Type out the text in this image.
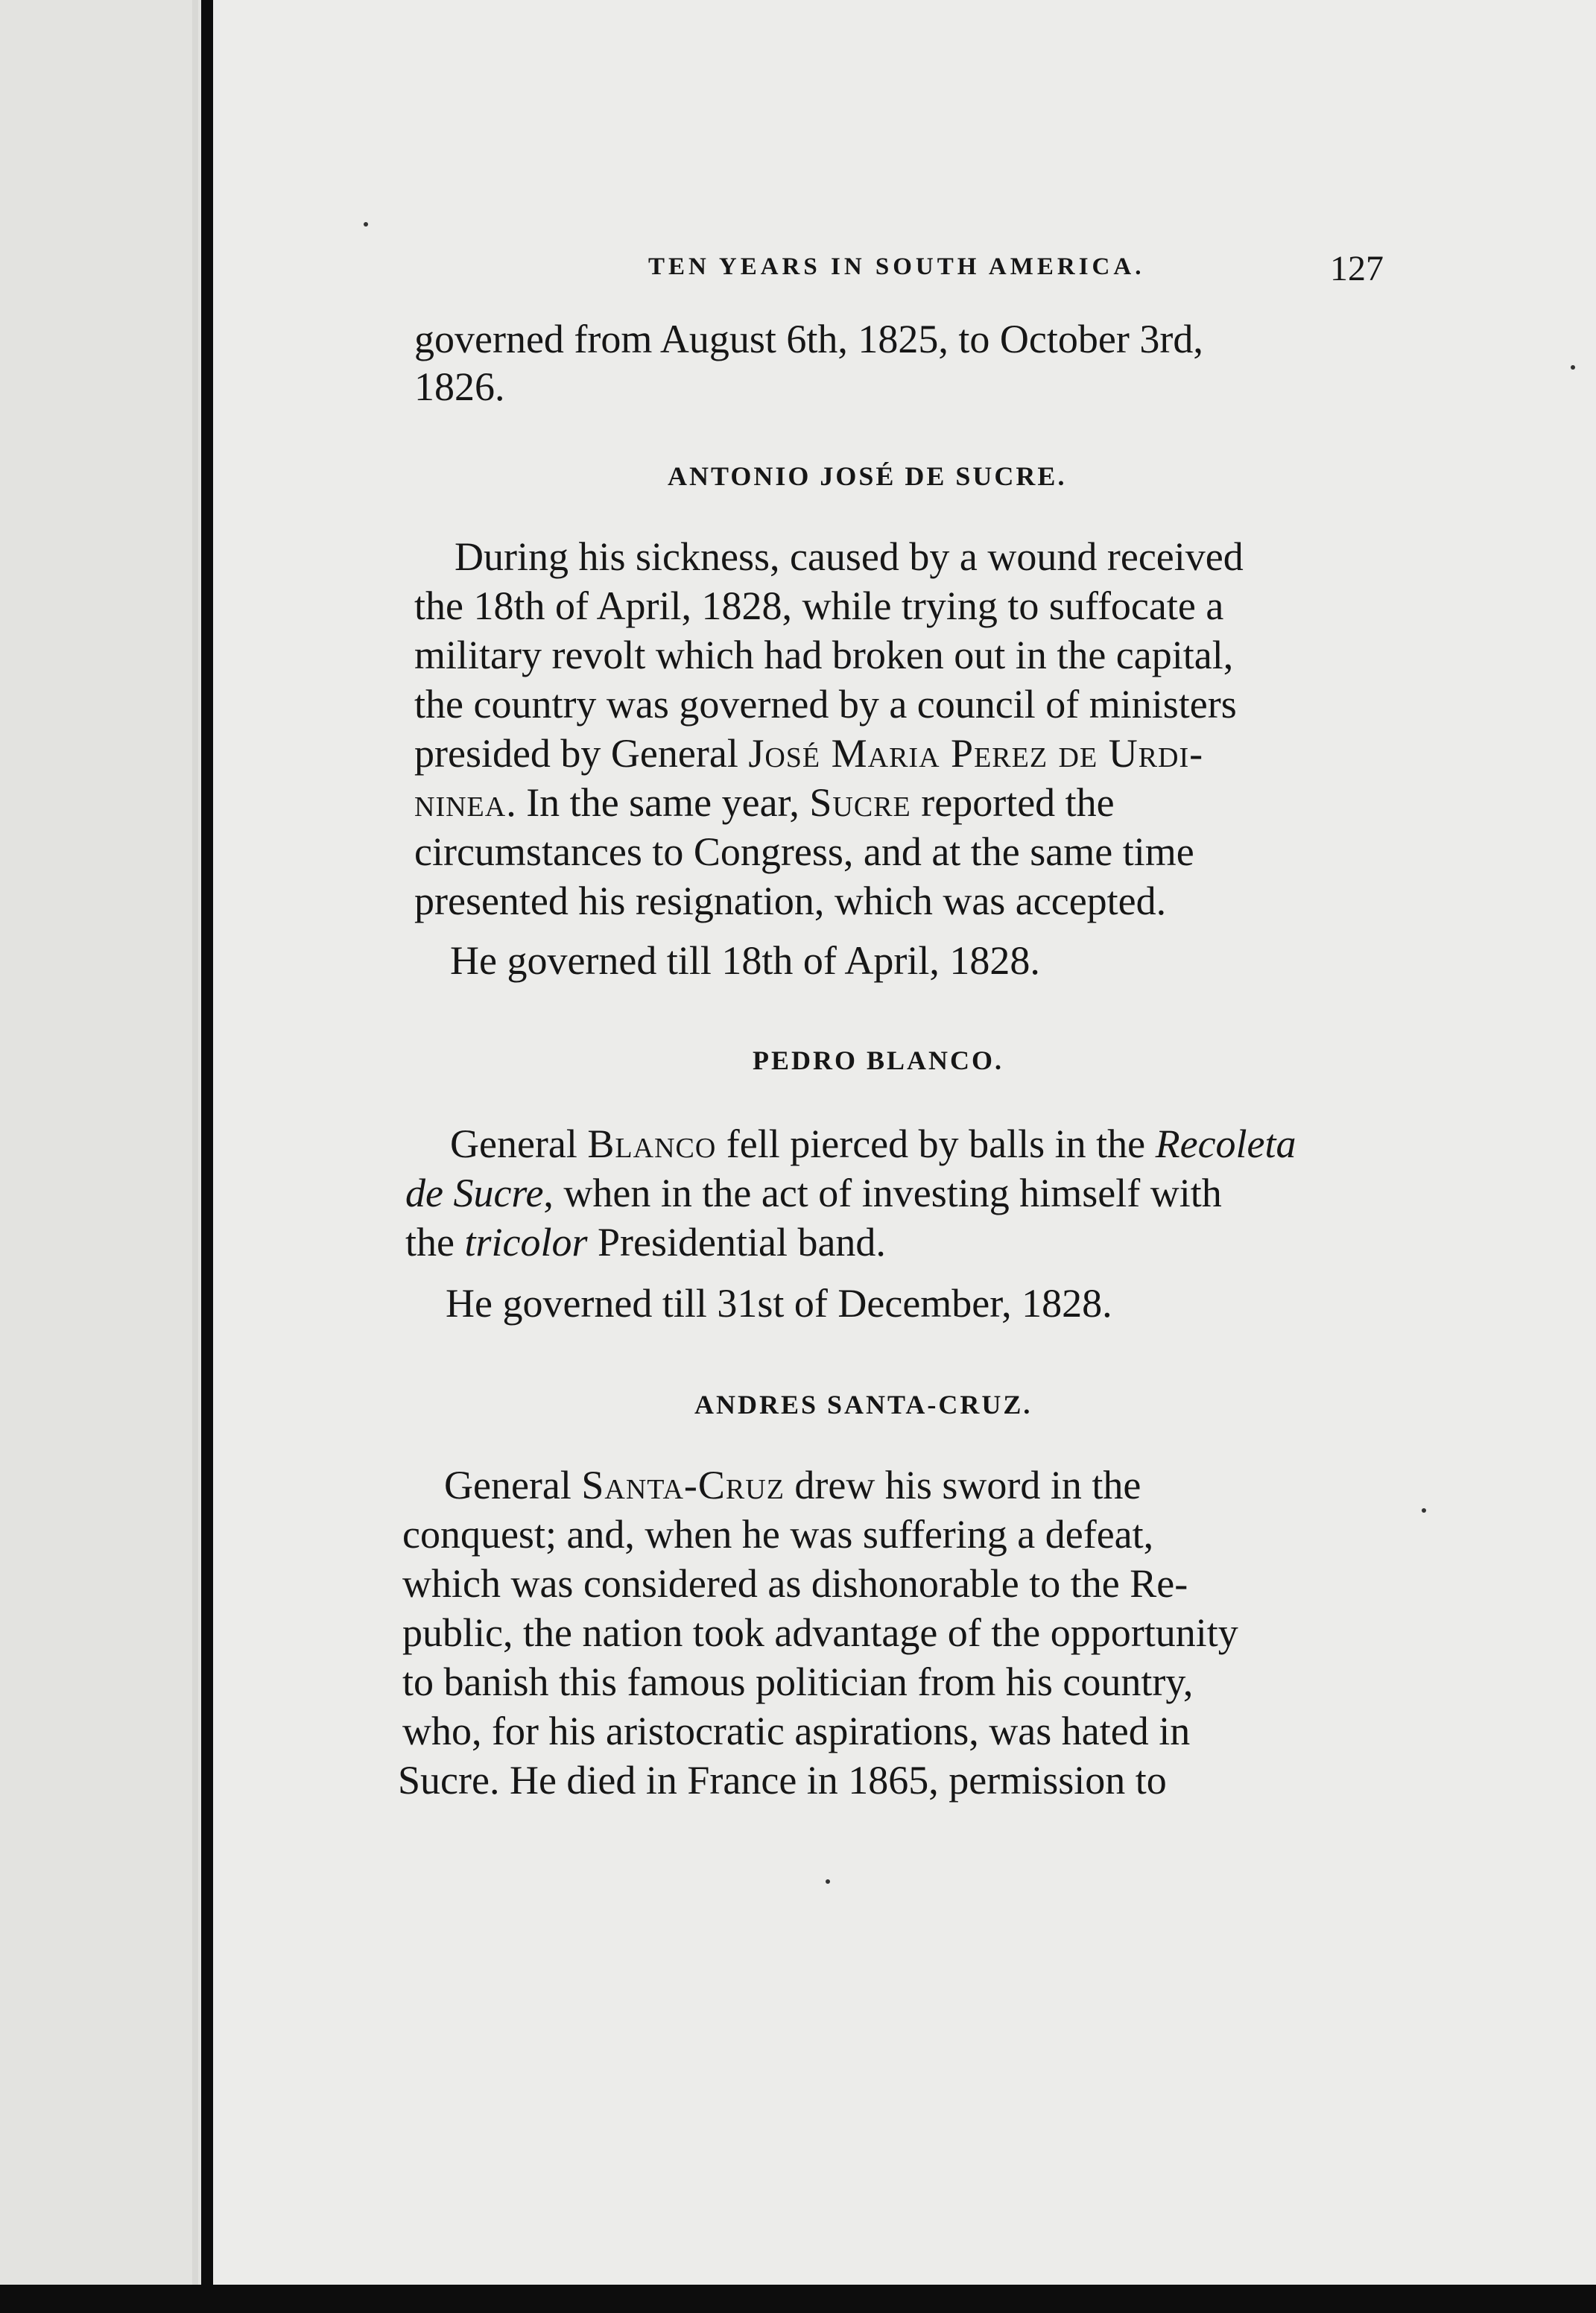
TEN YEARS IN SOUTH AMERICA.	127
governed from August 6th, 1825, to October 3rd,
1826.
ANTONIO JOSÉ DE SUCRE.
During his sickness, caused by a wound received
the 18th of April, 1828, while trying to suffocate a
military revolt which had broken out in the capital,
the country was governed by a council of ministers
presided by General José Maria Perez de Urdi-
ninea. In the same year, Sucre reported the
circumstances to Congress, and at the same time
presented his resignation, which was accepted.
He governed till 18th of April, 1828.
PEDRO BLANCO.
General Blanco fell pierced by balls in the Recoleta
de Sucre, when in the act of investing himself with
the tricolor Presidential band.
He governed till 31st of December, 1828.
ANDRES SANTA-CRUZ.
General Santa-Cruz drew his sword in the
conquest; and, when he was suffering a defeat,
which was considered as dishonorable to the Re-
public, the nation took advantage of the opportunity
to banish this famous politician from his country,
who, for his aristocratic aspirations, was hated in
Sucre. He died in France in 1865, permission to
